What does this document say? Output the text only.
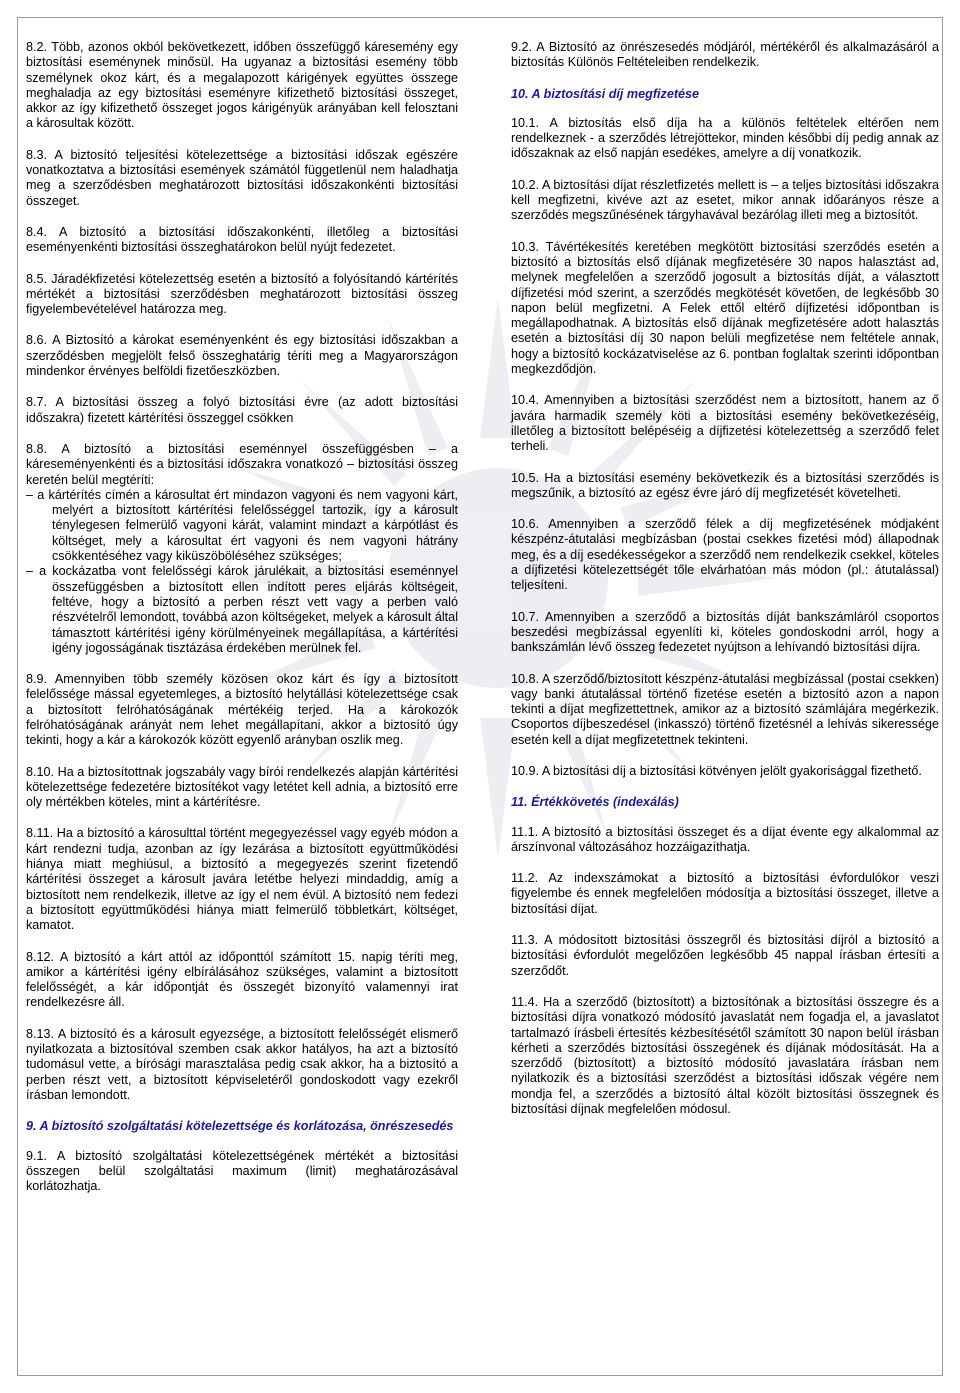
8.2. Több, azonos okból bekövetkezett, időben összefüggő káresemény egy biztosítási eseménynek minősül. Ha ugyanaz a biztosítási esemény több személynek okoz kárt, és a megalapozott kárigények együttes összege meghaladja az egy biztosítási eseményre kifizethető biztosítási összeget, akkor az így kifizethető összeget jogos kárigényük arányában kell felosztani a károsultak között.

8.3. A biztosító teljesítési kötelezettsége a biztosítási időszak egészére vonatkoztatva a biztosítási események számától függetlenül nem haladhatja meg a szerződésben meghatározott biztosítási időszakonkénti biztosítási összeget.

8.4. A biztosító a biztosítási időszakonkénti, illetőleg a biztosítási eseményenkénti biztosítási összeghatárokon belül nyújt fedezetet.

8.5. Járadékfizetési kötelezettség esetén a biztosító a folyósítandó kártérítés mértékét a biztosítási szerződésben meghatározott biztosítási összeg figyelembevételével határozza meg.

8.6. A Biztosító a károkat eseményenként és egy biztosítási időszakban a szerződésben megjelölt felső összeghatárig téríti meg a Magyarországon mindenkor érvényes belföldi fizetőeszközben.

8.7. A biztosítási összeg a folyó biztosítási évre (az adott biztosítási időszakra) fizetett kártérítési összeggel csökken

8.8. A biztosító a biztosítási eseménnyel összefüggésben – a káreseményenkénti és a biztosítási időszakra vonatkozó – biztosítási összeg keretén belül megtéríti:
– a kártérítés címén a károsultat ért mindazon vagyoni és nem vagyoni kárt, melyért a biztosított kártérítési felelősséggel tartozik, így a károsult ténylegesen felmerülő vagyoni kárát, valamint mindazt a kárpótlást és költséget, mely a károsultat ért vagyoni és nem vagyoni hátrány csökkentéséhez vagy kiküszöböléséhez szükséges;
– a kockázatba vont felelősségi károk járulékait, a biztosítási eseménnyel összefüggésben a biztosított ellen indított peres eljárás költségeit, feltéve, hogy a biztosító a perben részt vett vagy a perben való részvételről lemondott, továbbá azon költségeket, melyek a károsult által támasztott kártérítési igény körülményeinek megállapítása, a kártérítési igény jogosságának tisztázása érdekében merülnek fel.

8.9. Amennyiben több személy közösen okoz kárt és így a biztosított felelőssége mással egyetemleges, a biztosító helytállási kötelezettsége csak a biztosított felróhatóságának mértékéig terjed. Ha a károkozók felróhatóságának arányát nem lehet megállapítani, akkor a biztosító úgy tekinti, hogy a kár a károkozók között egyenlő arányban oszlik meg.

8.10. Ha a biztosítottnak jogszabály vagy bírói rendelkezés alapján kártérítési kötelezettsége fedezetére biztosítékot vagy letétet kell adnia, a biztosító erre oly mértékben köteles, mint a kártérítésre.

8.11. Ha a biztosító a károsulttal történt megegyezéssel vagy egyéb módon a kárt rendezni tudja, azonban az így lezárása a biztosított együttműködési hiánya miatt meghiúsul, a biztosító a megegyezés szerint fizetendő kártérítési összeget a károsult javára letétbe helyezi mindaddig, amíg a biztosított nem rendelkezik, illetve az így el nem évül. A biztosító nem fedezi a biztosított együttműködési hiánya miatt felmerülő többletkárt, költséget, kamatot.

8.12. A biztosító a kárt attól az időponttól számított 15. napig téríti meg, amikor a kártérítési igény elbírálásához szükséges, valamint a biztosított felelősségét, a kár időpontját és összegét bizonyító valamennyi irat rendelkezésre áll.

8.13. A biztosító és a károsult egyezsége, a biztosított felelősségét elismerő nyilatkozata a biztosítóval szemben csak akkor hatályos, ha azt a biztosító tudomásul vette, a bírósági marasztalása pedig csak akkor, ha a biztosító a perben részt vett, a biztosított képviseletéről gondoskodott vagy ezekről írásban lemondott.

9. A biztosító szolgáltatási kötelezettsége és korlátozása, önrészesedés

9.1. A biztosító szolgáltatási kötelezettségének mértékét a biztosítási összegen belül szolgáltatási maximum (limit) meghatározásával korlátozhatja.

9.2. A Biztosító az önrészesedés módjáról, mértékéről és alkalmazásáról a biztosítás Különös Feltételeiben rendelkezik.

10. A biztosítási díj megfizetése

10.1. A biztosítás első díja ha a különös feltételek eltérően nem rendelkeznek - a szerződés létrejöttekor, minden későbbi díj pedig annak az időszaknak az első napján esedékes, amelyre a díj vonatkozik.

10.2. A biztosítási díjat részletfizetés mellett is – a teljes biztosítási időszakra kell megfizetni, kivéve azt az esetet, mikor annak időarányos része a szerződés megszűnésének tárgyhavával bezárólag illeti meg a biztosítót.

10.3. Távértékesítés keretében megkötött biztosítási szerződés esetén a biztosító a biztosítás első díjának megfizetésére 30 napos halasztást ad, melynek megfelelően a szerződő jogosult a biztosítás díját, a választott díjfizetési mód szerint, a szerződés megkötését követően, de legkésőbb 30 napon belül megfizetni. A Felek ettől eltérő díjfizetési időpontban is megállapodhatnak. A biztosítás első díjának megfizetésére adott halasztás esetén a biztosítási díj 30 napon belüli megfizetése nem feltétele annak, hogy a biztosító kockázatviselése az 6. pontban foglaltak szerinti időpontban megkezdődjön.

10.4. Amennyiben a biztosítási szerződést nem a biztosított, hanem az ő javára harmadik személy köti a biztosítási esemény bekövetkezéséig, illetőleg a biztosított belépéséig a díjfizetési kötelezettség a szerződő felet terheli.

10.5. Ha a biztosítási esemény bekövetkezik és a biztosítási szerződés is megszűnik, a biztosító az egész évre járó díj megfizetését követelheti.

10.6. Amennyiben a szerződő félek a díj megfizetésének módjaként készpénz-átutalási megbízásban (postai csekkes fizetési mód) állapodnak meg, és a díj esedékességekor a szerződő nem rendelkezik csekkel, köteles a díjfizetési kötelezettségét tőle elvárhatóan más módon (pl.: átutalással) teljesíteni.

10.7. Amennyiben a szerződő a biztosítás díját bankszámláról csoportos beszedési megbízással egyenlíti ki, köteles gondoskodni arról, hogy a bankszámlán lévő összeg fedezetet nyújtson a lehívandó biztosítási díjra.

10.8. A szerződő/biztosított készpénz-átutalási megbízással (postai csekken) vagy banki átutalással történő fizetése esetén a biztosító azon a napon tekinti a díjat megfizettettnek, amikor az a biztosító számlájára megérkezik. Csoportos díjbeszedésel (inkasszó) történő fizetésnél a lehívás sikeressége esetén kell a díjat megfizetettnek tekinteni.

10.9. A biztosítási díj a biztosítási kötvényen jelölt gyakorisággal fizethető.

11. Értékkövetés (indexálás)

11.1. A biztosító a biztosítási összeget és a díjat évente egy alkalommal az árszínvonal változásához hozzáigazíthatja.

11.2. Az indexszámokat a biztosító a biztosítási évfordulókor veszi figyelembe és ennek megfelelően módosítja a biztosítási összeget, illetve a biztosítási díjat.

11.3. A módosított biztosítási összegről és biztosítási díjról a biztosító a biztosítási évfordulót megelőzően legkésőbb 45 nappal írásban értesíti a szerződőt.

11.4. Ha a szerződő (biztosított) a biztosítónak a biztosítási összegre és a biztosítási díjra vonatkozó módosító javaslatát nem fogadja el, a javaslatot tartalmazó írásbeli értesítés kézbesítésétől számított 30 napon belül írásban kérheti a szerződés biztosítási összegének és díjának módosítását. Ha a szerződő (biztosított) a biztosító módosító javaslatára írásban nem nyilatkozik és a biztosítási szerződést a biztosítási időszak végére nem mondja fel, a szerződés a biztosító által közölt biztosítási összegnek és biztosítási díjnak megfelelően módosul.
